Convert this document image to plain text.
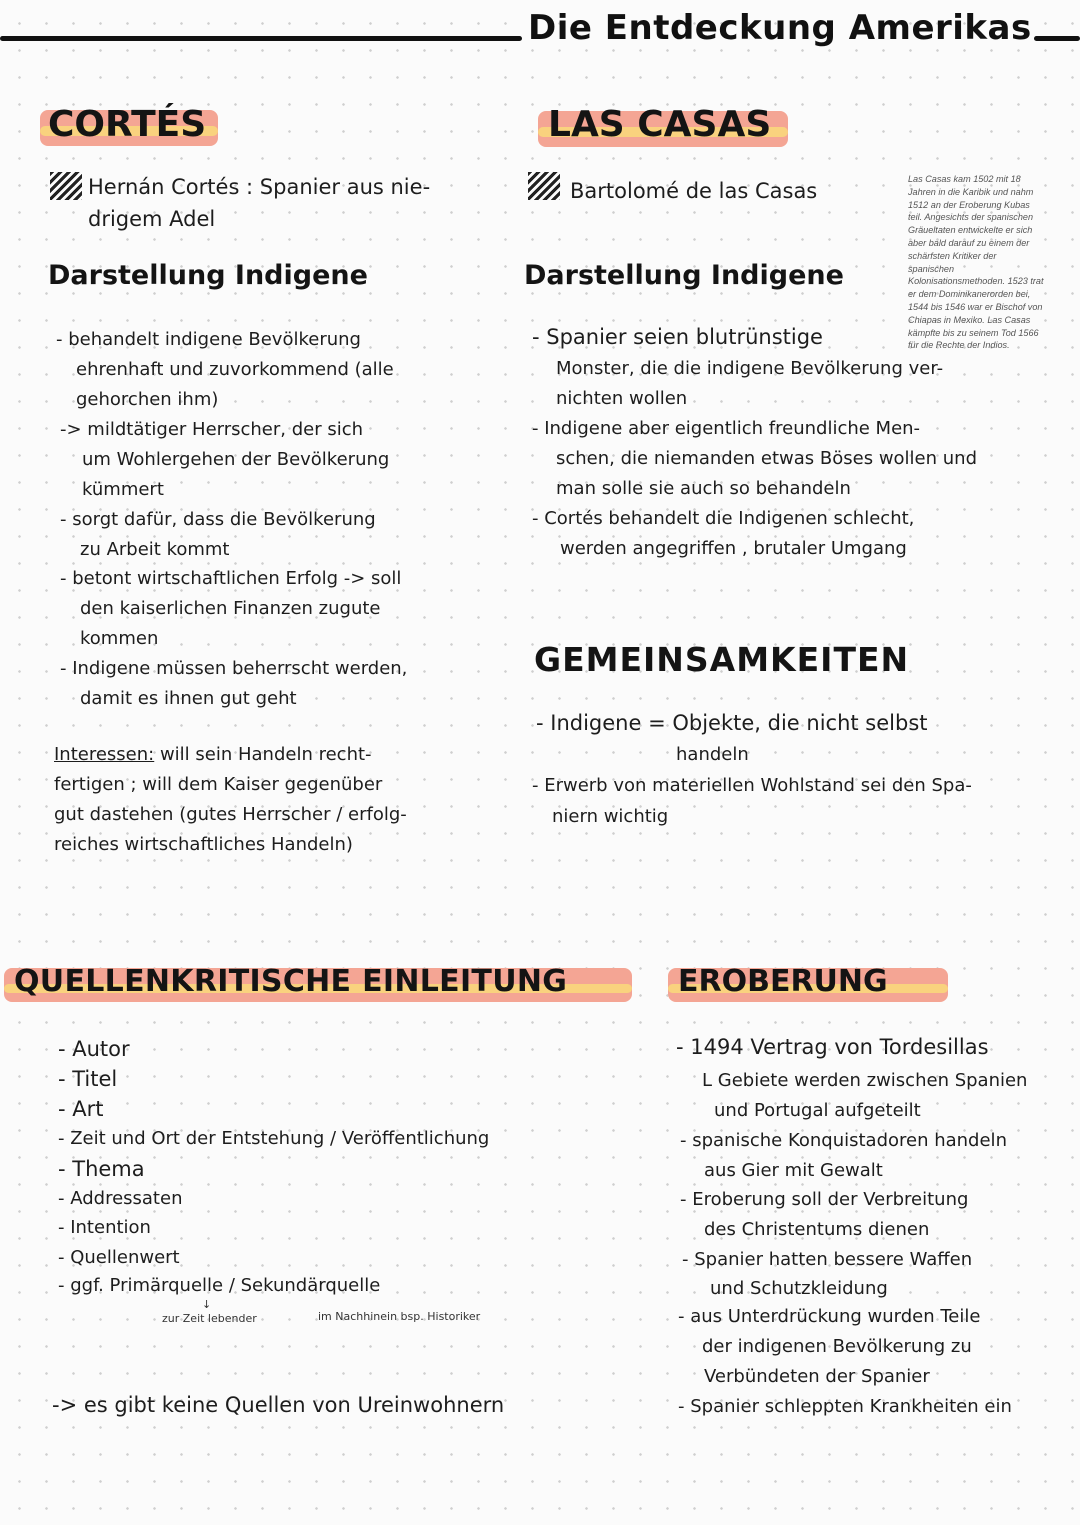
Die Entdeckung Amerikas
CORTÉS
Hernán Cortés : Spanier aus nie-
drigem Adel
Darstellung Indigene
- behandelt indigene Bevölkerung
ehrenhaft und zuvorkommend (alle
gehorchen ihm)
-> mildtätiger Herrscher, der sich
um Wohlergehen der Bevölkerung
kümmert
- sorgt dafür, dass die Bevölkerung
zu Arbeit kommt
- betont wirtschaftlichen Erfolg -> soll
den kaiserlichen Finanzen zugute
kommen
- Indigene müssen beherrscht werden,
damit es ihnen gut geht
Interessen: will sein Handeln recht-
fertigen ; will dem Kaiser gegenüber
gut dastehen (gutes Herrscher / erfolg-
reiches wirtschaftliches Handeln)
LAS CASAS
Bartolomé de las Casas	Las Casas kam 1502 mit 18 Jahren in die Karibik und nahm 1512 an der Eroberung Kubas teil. Angesichts der spanischen Gräueltaten entwickelte er sich aber bald darauf zu einem der schärfsten Kritiker der spanischen Kolonisationsmethoden. 1523 trat er dem Dominikanerorden bei, 1544 bis 1546 war er Bischof von Chiapas in Mexiko. Las Casas kämpfte bis zu seinem Tod 1566 für die Rechte der Indios.
Darstellung Indigene
- Spanier seien blutrünstige
Monster, die die indigene Bevölkerung ver-
nichten wollen
- Indigene aber eigentlich freundliche Men-
schen, die niemanden etwas Böses wollen und
man solle sie auch so behandeln
- Cortés behandelt die Indigenen schlecht,
werden angegriffen , brutaler Umgang
GEMEINSAMKEITEN
- Indigene = Objekte, die nicht selbst
handeln
- Erwerb von materiellen Wohlstand sei den Spa-
niern wichtig
QUELLENKRITISCHE EINLEITUNG
- Autor
- Titel
- Art
- Zeit und Ort der Entstehung / Veröffentlichung
- Thema
- Addressaten
- Intention
- Quellenwert
- ggf. Primärquelle / Sekundärquelle
↓
zur Zeit lebender	im Nachhinein bsp. Historiker
-> es gibt keine Quellen von Ureinwohnern
EROBERUNG
- 1494 Vertrag von Tordesillas
L Gebiete werden zwischen Spanien
und Portugal aufgeteilt
- spanische Konquistadoren handeln
aus Gier mit Gewalt
- Eroberung soll der Verbreitung
des Christentums dienen
- Spanier hatten bessere Waffen
und Schutzkleidung
- aus Unterdrückung wurden Teile
der indigenen Bevölkerung zu
Verbündeten der Spanier
- Spanier schleppten Krankheiten ein
